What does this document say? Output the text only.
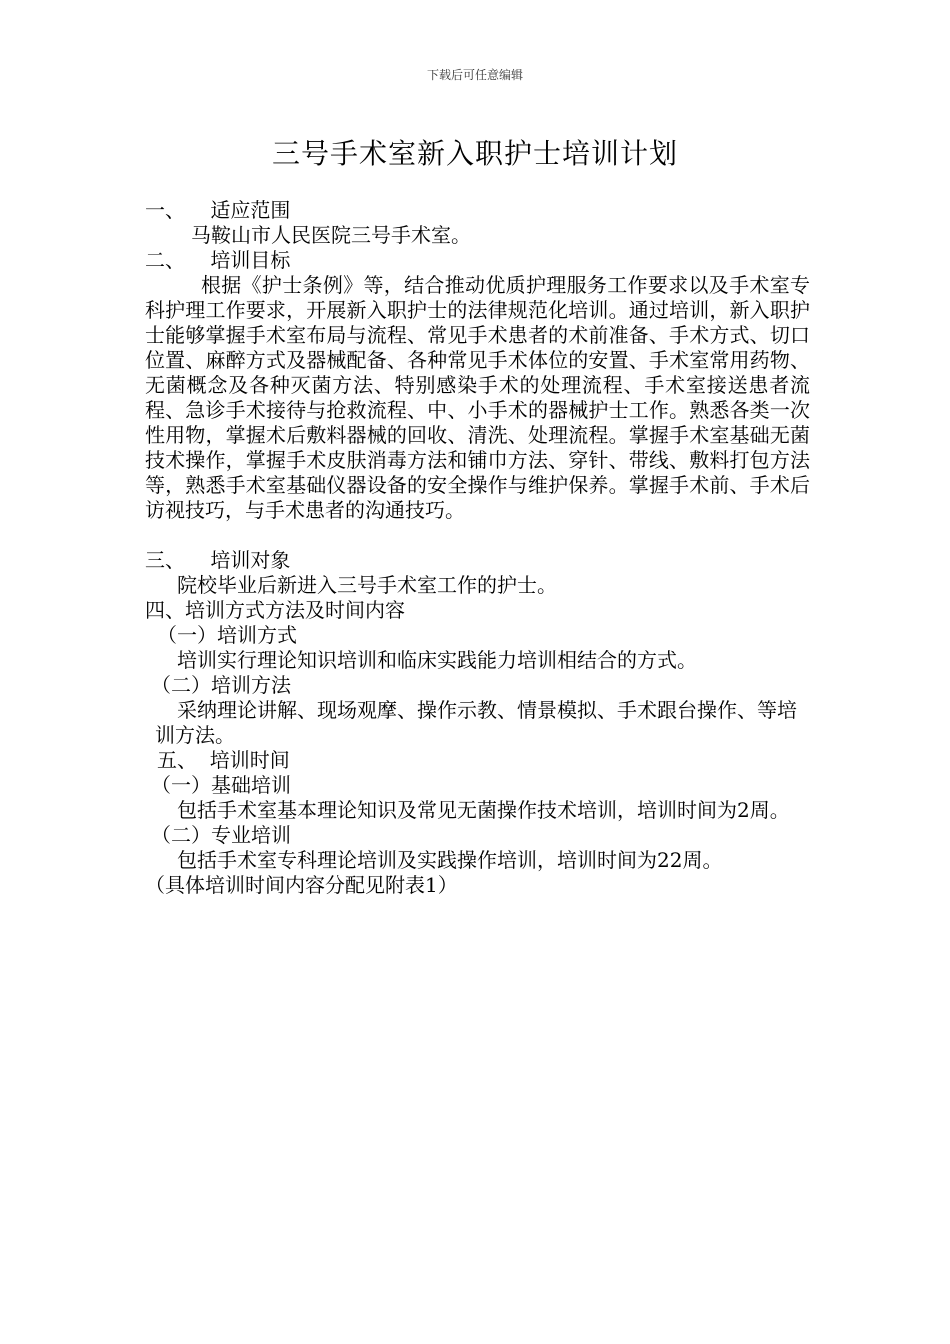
下载后可任意编辑
三号手术室新入职护士培训计划

一、    适应范围

马鞍山市人民医院三号手术室。

二、    培训目标

根据《护士条例》等，结合推动优质护理服务工作要求以及手术室专科护理工作要求，开展新入职护士的法律规范化培训。通过培训，新入职护士能够掌握手术室布局与流程、常见手术患者的术前准备、手术方式、切口位置、麻醉方式及器械配备、各种常见手术体位的安置、手术室常用药物、无菌概念及各种灭菌方法、特别感染手术的处理流程、手术室接送患者流程、急诊手术接待与抢救流程、中、小手术的器械护士工作。熟悉各类一次性用物，掌握术后敷料器械的回收、清洗、处理流程。掌握手术室基础无菌技术操作，掌握手术皮肤消毒方法和铺巾方法、穿针、带线、敷料打包方法等，熟悉手术室基础仪器设备的安全操作与维护保养。掌握手术前、手术后访视技巧，与手术患者的沟通技巧。

三、    培训对象

院校毕业后新进入三号手术室工作的护士。

四、培训方式方法及时间内容

（一）培训方式

培训实行理论知识培训和临床实践能力培训相结合的方式。

（二）培训方法

采纳理论讲解、现场观摩、操作示教、情景模拟、手术跟台操作、等培训方法。

五、  培训时间

（一）基础培训

包括手术室基本理论知识及常见无菌操作技术培训，培训时间为2周。

（二）专业培训

包括手术室专科理论培训及实践操作培训，培训时间为22周。

（具体培训时间内容分配见附表1）
